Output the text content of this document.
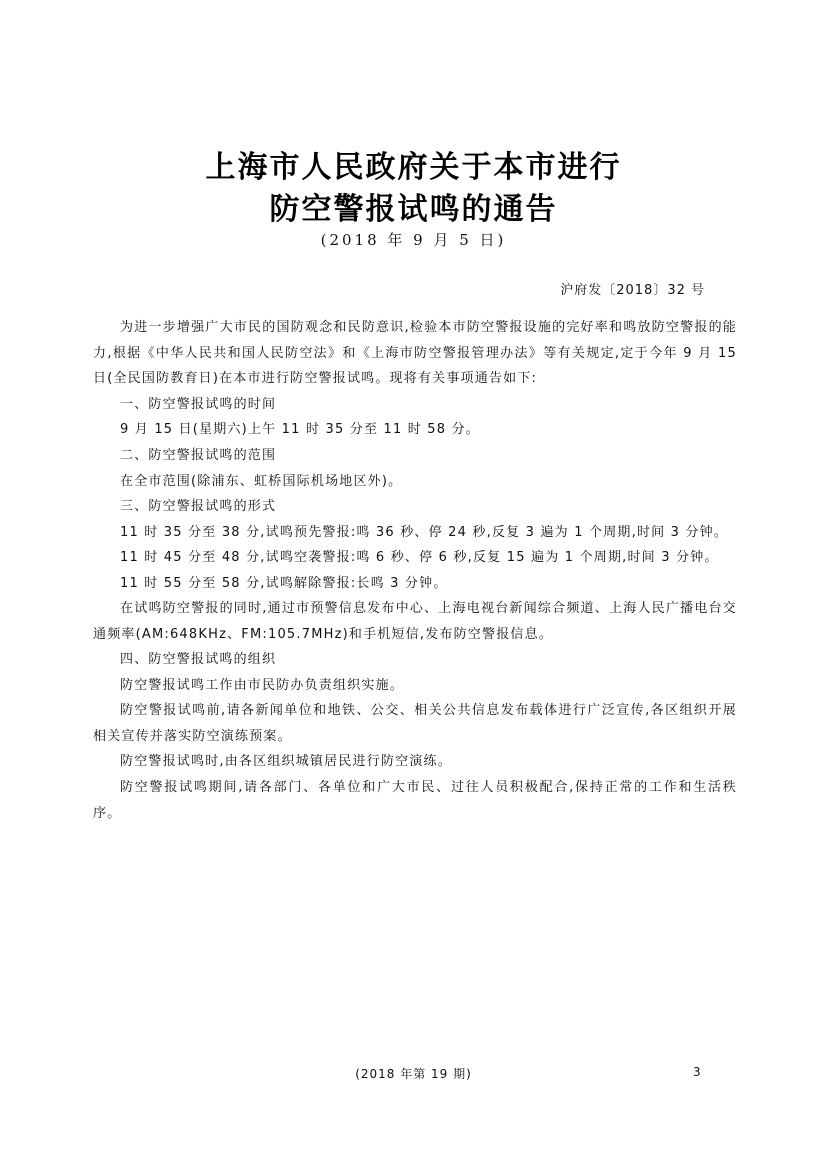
上海市人民政府关于本市进行
防空警报试鸣的通告
(2018 年 9 月 5 日)
沪府发〔2018〕32 号
为进一步增强广大市民的国防观念和民防意识,检验本市防空警报设施的完好率和鸣放防空警报的能力,根据《中华人民共和国人民防空法》和《上海市防空警报管理办法》等有关规定,定于今年 9 月 15 日(全民国防教育日)在本市进行防空警报试鸣。现将有关事项通告如下:
一、防空警报试鸣的时间
9 月 15 日(星期六)上午 11 时 35 分至 11 时 58 分。
二、防空警报试鸣的范围
在全市范围(除浦东、虹桥国际机场地区外)。
三、防空警报试鸣的形式
11 时 35 分至 38 分,试鸣预先警报:鸣 36 秒、停 24 秒,反复 3 遍为 1 个周期,时间 3 分钟。
11 时 45 分至 48 分,试鸣空袭警报:鸣 6 秒、停 6 秒,反复 15 遍为 1 个周期,时间 3 分钟。
11 时 55 分至 58 分,试鸣解除警报:长鸣 3 分钟。
在试鸣防空警报的同时,通过市预警信息发布中心、上海电视台新闻综合频道、上海人民广播电台交通频率(AM:648KHz、FM:105.7MHz)和手机短信,发布防空警报信息。
四、防空警报试鸣的组织
防空警报试鸣工作由市民防办负责组织实施。
防空警报试鸣前,请各新闻单位和地铁、公交、相关公共信息发布载体进行广泛宣传,各区组织开展相关宣传并落实防空演练预案。
防空警报试鸣时,由各区组织城镇居民进行防空演练。
防空警报试鸣期间,请各部门、各单位和广大市民、过往人员积极配合,保持正常的工作和生活秩序。
(2018 年第 19 期)	3
